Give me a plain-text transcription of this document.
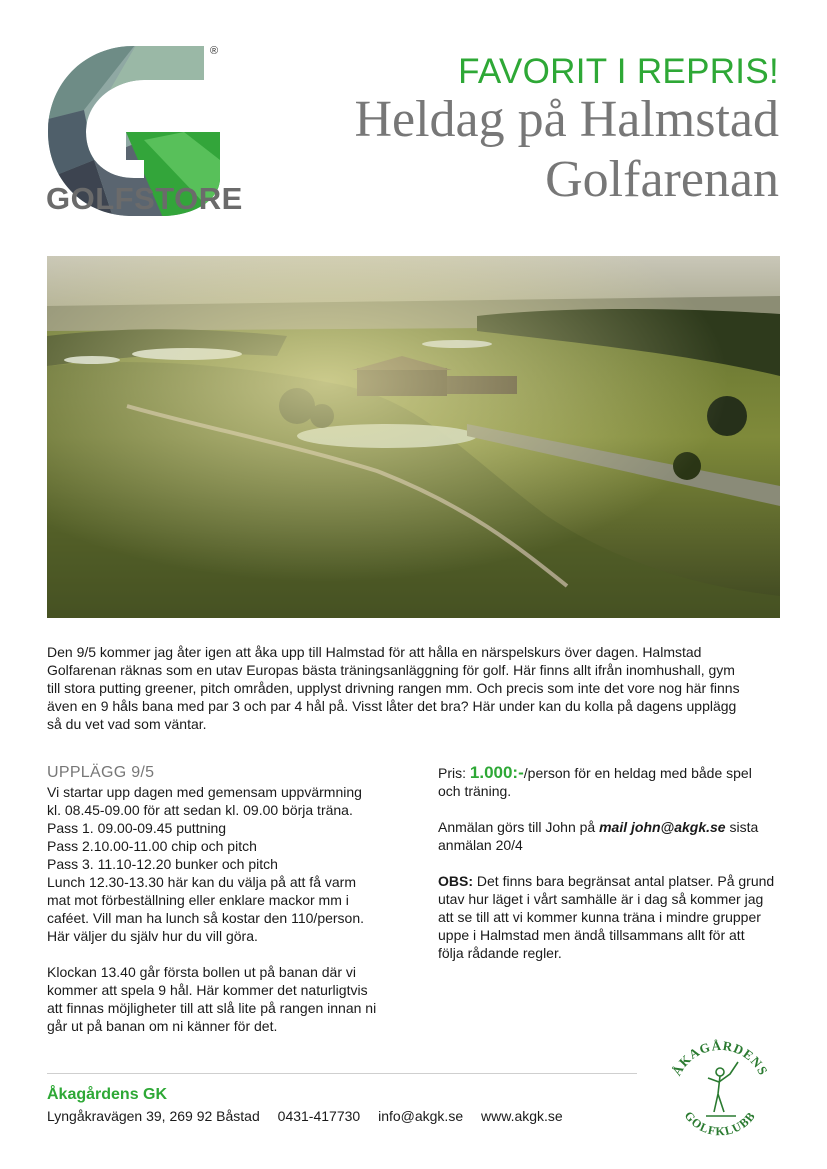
®
GOLFSTORE
FAVORIT I REPRIS!
Heldag på Halmstad
Golfarenan
Den 9/5 kommer jag åter igen att åka upp till Halmstad för att hålla en närspelskurs över dagen. Halmstad
Golfarenan räknas som en utav Europas bästa träningsanläggning för golf. Här finns allt ifrån inomhushall, gym
till stora putting greener, pitch områden, upplyst drivning rangen mm. Och precis som inte det vore nog här finns
även en 9 håls bana med par 3 och par 4 hål på. Visst låter det bra? Här under kan du kolla på dagens upplägg
så du vet vad som väntar.
UPPLÄGG 9/5
Vi startar upp dagen med gemensam uppvärmning
kl. 08.45-09.00 för att sedan kl. 09.00 börja träna.
Pass 1. 09.00-09.45 puttning
Pass 2.10.00-11.00 chip och pitch
Pass 3. 11.10-12.20 bunker och pitch
Lunch 12.30-13.30 här kan du välja på att få varm
mat mot förbeställning eller enklare mackor mm i
caféet. Vill man ha lunch så kostar den 110/person.
Här väljer du själv hur du vill göra.
Klockan 13.40 går första bollen ut på banan där vi
kommer att spela 9 hål. Här kommer det naturligtvis
att finnas möjligheter till att slå lite på rangen innan ni
går ut på banan om ni känner för det.
Pris: 1.000:-/person för en heldag med både spel
och träning.
Anmälan görs till John på mail john@akgk.se sista
anmälan 20/4
OBS: Det finns bara begränsat antal platser. På grund
utav hur läget i vårt samhälle är i dag så kommer jag
att se till att vi kommer kunna träna i mindre grupper
uppe i Halmstad men ändå tillsammans allt för att
följa rådande regler.
Åkagårdens GK
Lyngåkravägen 39, 269 92 Båstad 0431-417730 info@akgk.se www.akgk.se
ÅKAGÅRDENS
GOLFKLUBB
